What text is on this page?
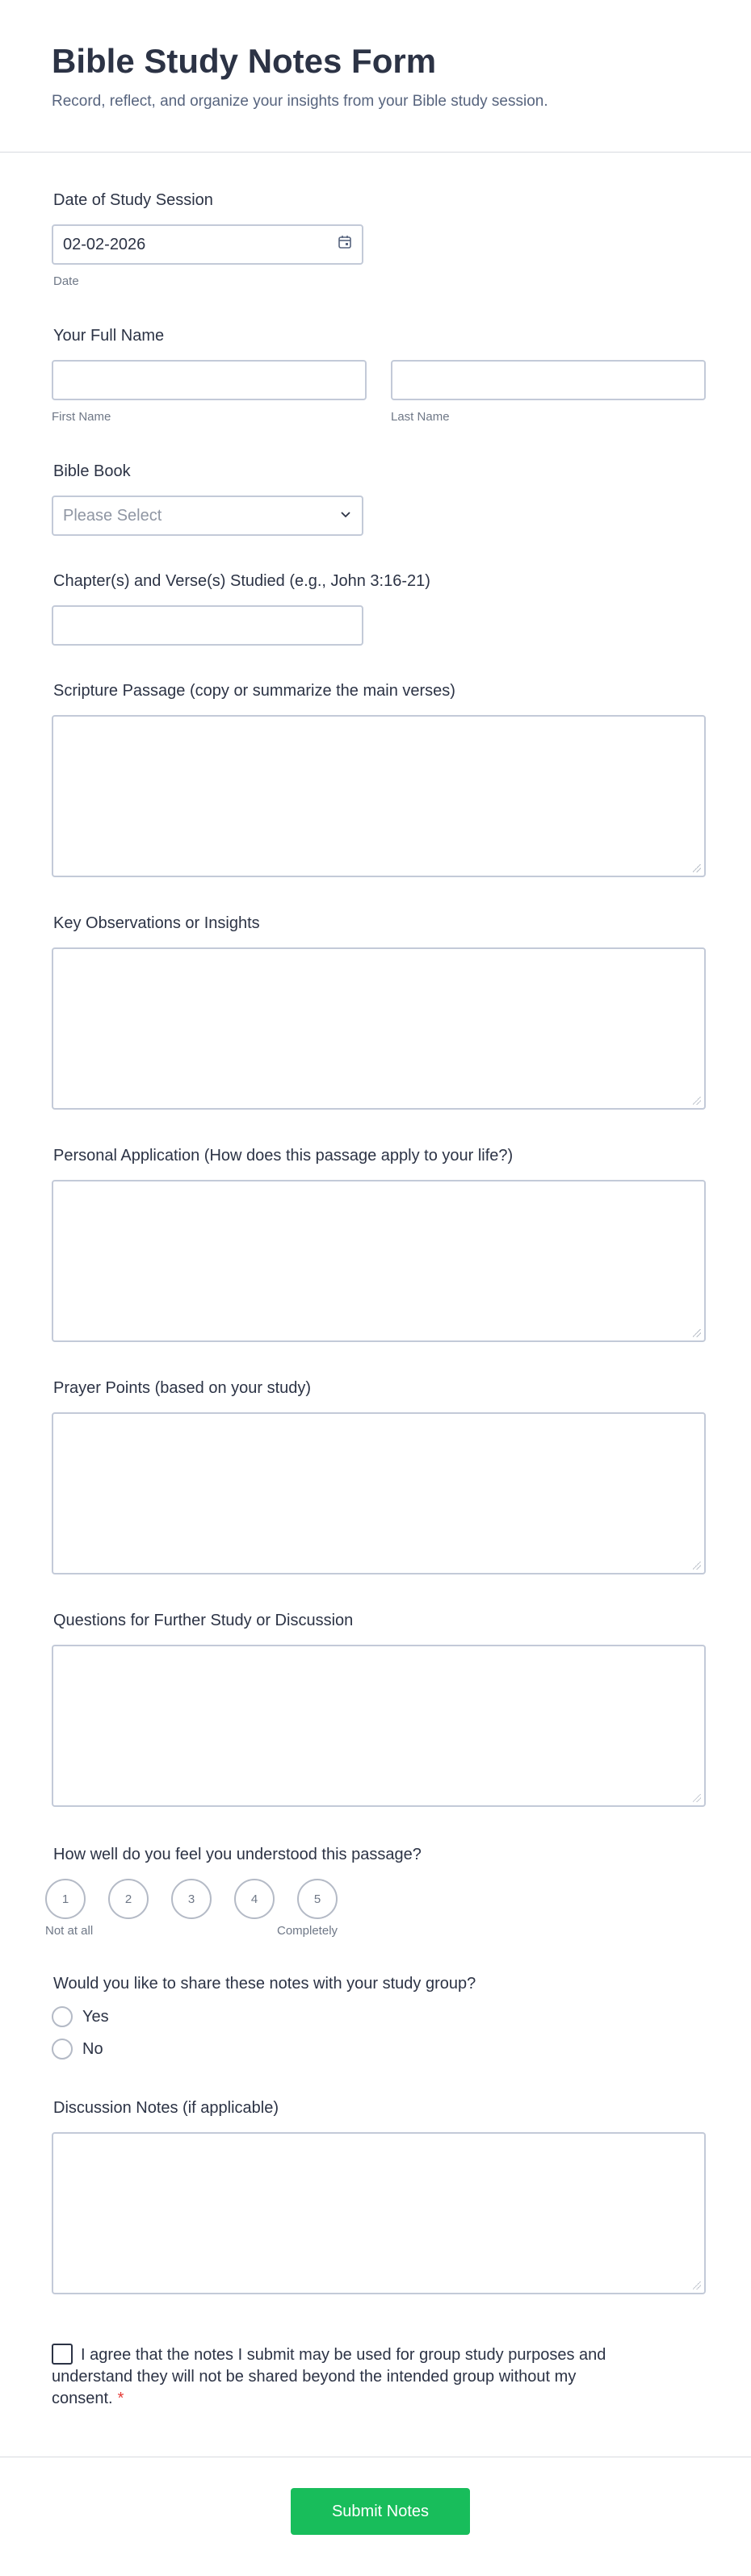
Bible Study Notes Form

Record, reflect, and organize your insights from your Bible study session.

Date of Study Session
02-02-2026
Date
Your Full Name
First Name	Last Name
Bible Book
Please Select
Chapter(s) and Verse(s) Studied (e.g., John 3:16-21)
Scripture Passage (copy or summarize the main verses)
Key Observations or Insights
Personal Application (How does this passage apply to your life?)
Prayer Points (based on your study)
Questions for Further Study or Discussion
How well do you feel you understood this passage?
1	2	3	4	5
Not at all	Completely
Would you like to share these notes with your study group?
Yes
No
Discussion Notes (if applicable)
I agree that the notes I submit may be used for group study purposes and understand they will not be shared beyond the intended group without my consent. *
Submit Notes
